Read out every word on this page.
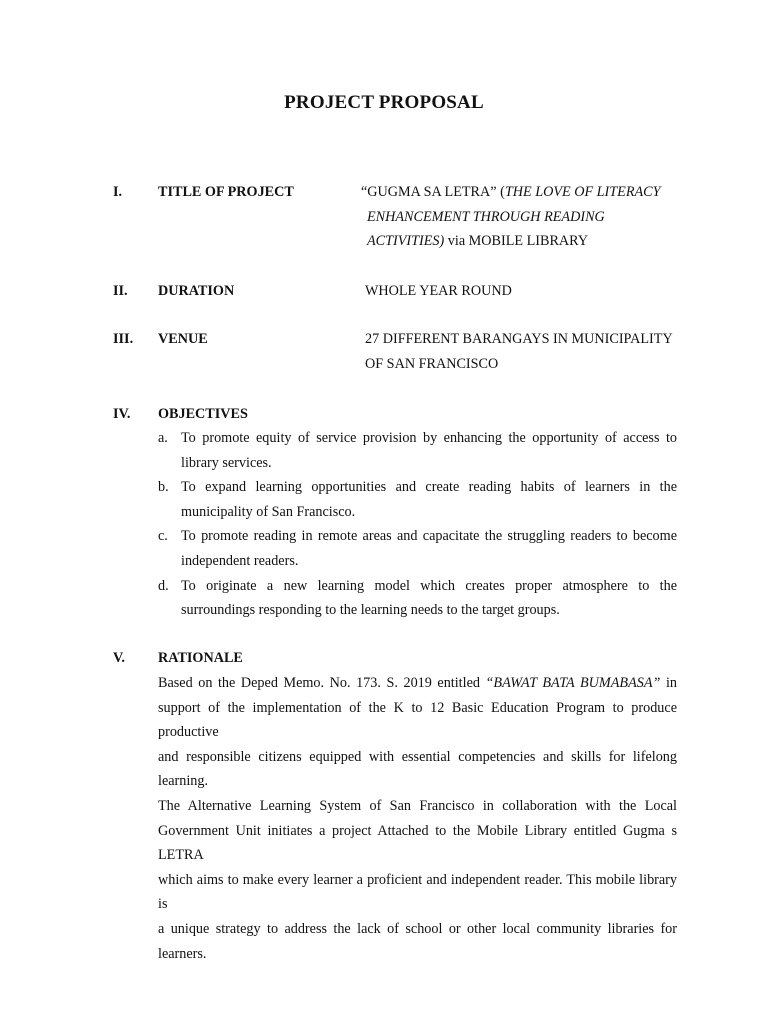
PROJECT PROPOSAL
I.	TITLE OF PROJECT	“GUGMA SA LETRA” (THE LOVE OF LITERACY
ENHANCEMENT THROUGH READING
ACTIVITIES) via MOBILE LIBRARY
II. DURATION	WHOLE YEAR ROUND
III. VENUE	27 DIFFERENT BARANGAYS IN MUNICIPALITY
OF SAN FRANCISCO
IV. OBJECTIVES
a. To promote equity of service provision by enhancing the opportunity of access to library services.
b. To expand learning opportunities and create reading habits of learners in the municipality of San Francisco.
c. To promote reading in remote areas and capacitate the struggling readers to become independent readers.
d. To originate a new learning model which creates proper atmosphere to the surroundings responding to the learning needs to the target groups.
V. RATIONALE
Based on the Deped Memo. No. 173. S. 2019 entitled “BAWAT BATA BUMABASA” in
support of the implementation of the K to 12 Basic Education Program to produce productive
and responsible citizens equipped with essential competencies and skills for lifelong learning.
The Alternative Learning System of San Francisco in collaboration with the Local
Government Unit initiates a project Attached to the Mobile Library entitled Gugma s LETRA
which aims to make every learner a proficient and independent reader. This mobile library is
a unique strategy to address the lack of school or other local community libraries for learners.
